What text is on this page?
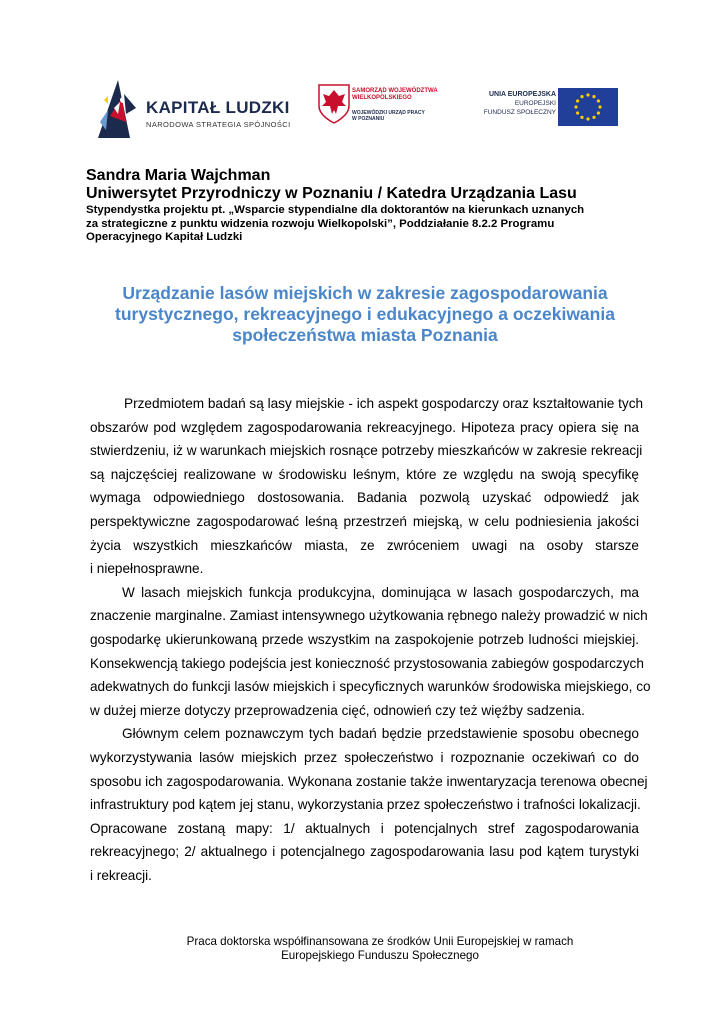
KAPITAŁ LUDZKI
NARODOWA STRATEGIA SPÓJNOŚCI
SAMORZĄD WOJEWÓDZTWA
WIELKOPOLSKIEGO
WOJEWÓDZKI URZĄD PRACY
W POZNANIU
UNIA EUROPEJSKA
EUROPEJSKI
FUNDUSZ SPOŁECZNY
Sandra Maria Wajchman
Uniwersytet Przyrodniczy w Poznaniu / Katedra Urządzania Lasu
Stypendystka projektu pt. „Wsparcie stypendialne dla doktorantów na kierunkach uznanych
za strategiczne z punktu widzenia rozwoju Wielkopolski”, Poddziałanie 8.2.2 Programu
Operacyjnego Kapitał Ludzki
Urządzanie lasów miejskich w zakresie zagospodarowania
turystycznego, rekreacyjnego i edukacyjnego a oczekiwania
społeczeństwa miasta Poznania
Przedmiotem badań są lasy miejskie - ich aspekt gospodarczy oraz kształtowanie tych
obszarów pod względem zagospodarowania rekreacyjnego. Hipoteza pracy opiera się na
stwierdzeniu, iż w warunkach miejskich rosnące potrzeby mieszkańców w zakresie rekreacji
są najczęściej realizowane w środowisku leśnym, które ze względu na swoją specyfikę
wymaga odpowiedniego dostosowania. Badania pozwolą uzyskać odpowiedź jak
perspektywiczne zagospodarować leśną przestrzeń miejską, w celu podniesienia jakości
życia wszystkich mieszkańców miasta, ze zwróceniem uwagi na osoby starsze
i niepełnosprawne.
W lasach miejskich funkcja produkcyjna, dominująca w lasach gospodarczych, ma
znaczenie marginalne. Zamiast intensywnego użytkowania rębnego należy prowadzić w nich
gospodarkę ukierunkowaną przede wszystkim na zaspokojenie potrzeb ludności miejskiej.
Konsekwencją takiego podejścia jest konieczność przystosowania zabiegów gospodarczych
adekwatnych do funkcji lasów miejskich i specyficznych warunków środowiska miejskiego, co
w dużej mierze dotyczy przeprowadzenia cięć, odnowień czy też więźby sadzenia.
Głównym celem poznawczym tych badań będzie przedstawienie sposobu obecnego
wykorzystywania lasów miejskich przez społeczeństwo i rozpoznanie oczekiwań co do
sposobu ich zagospodarowania. Wykonana zostanie także inwentaryzacja terenowa obecnej
infrastruktury pod kątem jej stanu, wykorzystania przez społeczeństwo i trafności lokalizacji.
Opracowane zostaną mapy: 1/ aktualnych i potencjalnych stref zagospodarowania
rekreacyjnego; 2/ aktualnego i potencjalnego zagospodarowania lasu pod kątem turystyki
i rekreacji.
Praca doktorska współfinansowana ze środków Unii Europejskiej w ramach
Europejskiego Funduszu Społecznego
